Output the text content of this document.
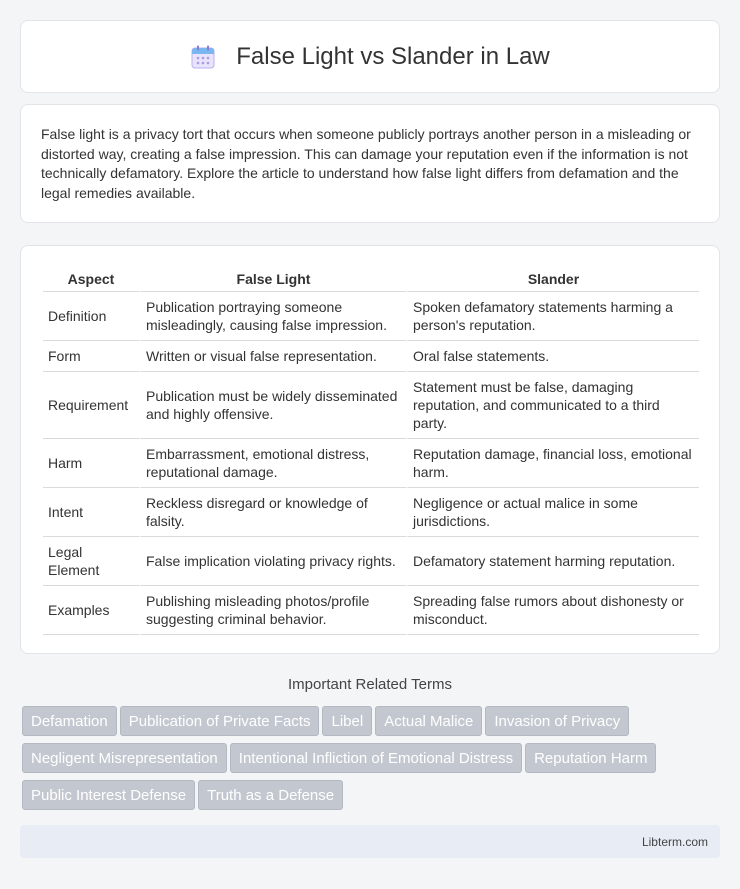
False Light vs Slander in Law

False light is a privacy tort that occurs when someone publicly portrays another person in a misleading or distorted way, creating a false impression. This can damage your reputation even if the information is not technically defamatory. Explore the article to understand how false light differs from defamation and the legal remedies available.

Aspect	False Light	Slander
Definition	Publication portraying someone misleadingly, causing false impression.	Spoken defamatory statements harming a person's reputation.
Form	Written or visual false representation.	Oral false statements.
Requirement	Publication must be widely disseminated and highly offensive.	Statement must be false, damaging reputation, and communicated to a third party.
Harm	Embarrassment, emotional distress, reputational damage.	Reputation damage, financial loss, emotional harm.
Intent	Reckless disregard or knowledge of falsity.	Negligence or actual malice in some jurisdictions.
Legal Element	False implication violating privacy rights.	Defamatory statement harming reputation.
Examples	Publishing misleading photos/profile suggesting criminal behavior.	Spreading false rumors about dishonesty or misconduct.
Important Related Terms
Defamation Publication of Private Facts Libel Actual Malice Invasion of Privacy
Negligent Misrepresentation Intentional Infliction of Emotional Distress Reputation Harm
Public Interest Defense Truth as a Defense
Libterm.com
